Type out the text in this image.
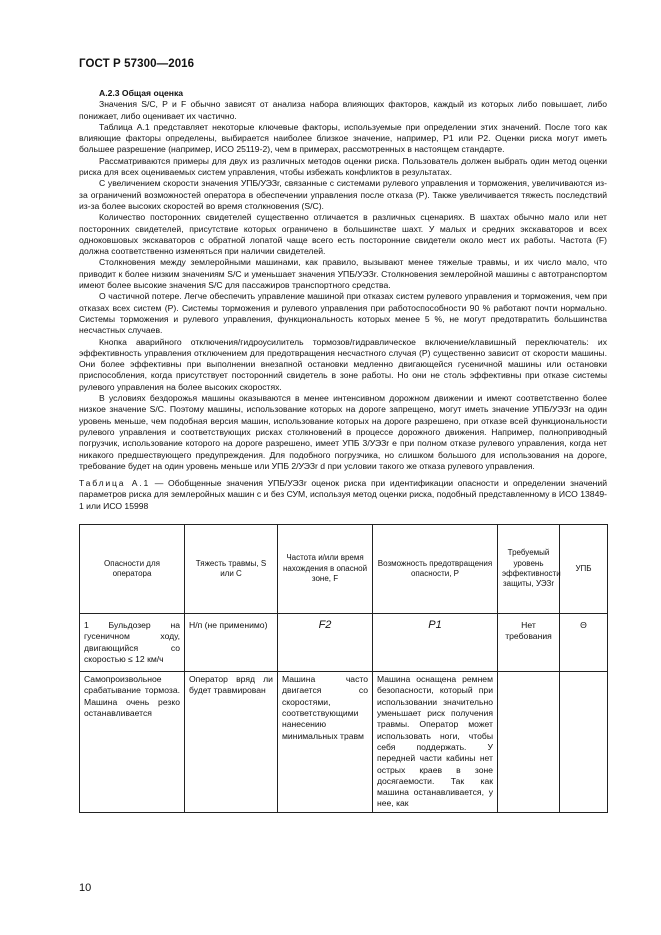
ГОСТ Р 57300—2016
А.2.3 Общая оценка

Значения S/C, P и F обычно зависят от анализа набора влияющих факторов, каждый из которых либо повышает, либо понижает, либо оценивает их частично.

Таблица А.1 представляет некоторые ключевые факторы, используемые при определении этих значений. После того как влияющие факторы определены, выбирается наиболее близкое значение, например, P1 или P2. Оценки риска могут иметь большее разрешение (например, ИСО 25119-2), чем в примерах, рассмотренных в настоящем стандарте.

Рассматриваются примеры для двух из различных методов оценки риска. Пользователь должен выбрать один метод оценки риска для всех оцениваемых систем управления, чтобы избежать конфликтов в результатах.

С увеличением скорости значения УПБ/УЭЗr, связанные с системами рулевого управления и торможения, увеличиваются из-за ограничений возможностей оператора в обеспечении управления после отказа (P). Также увеличивается тяжесть последствий из-за более высоких скоростей во время столкновения (S/C).

Количество посторонних свидетелей существенно отличается в различных сценариях. В шахтах обычно мало или нет посторонних свидетелей, присутствие которых ограничено в большинстве шахт. У малых и средних экскаваторов и всех одноковшовых экскаваторов с обратной лопатой чаще всего есть посторонние свидетели около мест их работы. Частота (F) должна соответственно изменяться при наличии свидетелей.

Столкновения между землеройными машинами, как правило, вызывают менее тяжелые травмы, и их число мало, что приводит к более низким значениям S/C и уменьшает значения УПБ/УЭЗr. Столкновения землеройной машины с автотранспортом имеют более высокие значения S/C для пассажиров транспортного средства.

О частичной потере. Легче обеспечить управление машиной при отказах систем рулевого управления и торможения, чем при отказах всех систем (P). Системы торможения и рулевого управления при работоспособности 90 % работают почти нормально. Системы торможения и рулевого управления, функциональность которых менее 5 %, не могут предотвратить большинства несчастных случаев.

Кнопка аварийного отключения/гидроусилитель тормозов/гидравлическое включение/клавишный переключатель: их эффективность управления отключением для предотвращения несчастного случая (P) существенно зависит от скорости машины. Они более эффективны при выполнении внезапной остановки медленно двигающейся гусеничной машины или остановки приспособления, когда присутствует посторонний свидетель в зоне работы. Но они не столь эффективны при отказе системы рулевого управления на более высоких скоростях.

В условиях бездорожья машины оказываются в менее интенсивном дорожном движении и имеют соответственно более низкое значение S/C. Поэтому машины, использование которых на дороге запрещено, могут иметь значение УПБ/УЭЗr на один уровень меньше, чем подобная версия машин, использование которых на дороге разрешено, при отказе всей функциональности рулевого управления и соответствующих рисках столкновений в процессе дорожного движения. Например, полноприводный погрузчик, использование которого на дороге разрешено, имеет УПБ 3/УЭЗr e при полном отказе рулевого управления, когда нет никакого предшествующего предупреждения. Для подобного погрузчика, но слишком большого для использования на дороге, требование будет на один уровень меньше или УПБ 2/УЭЗr d при условии такого же отказа рулевого управления.

Таблица А.1 — Обобщенные значения УПБ/УЭЗr оценок риска при идентификации опасности и определении значений параметров риска для землеройных машин с и без СУМ, используя метод оценки риска, подобный представленному в ИСО 13849-1 или ИСО 15998

Опасности для оператора	Тяжесть травмы, S или C	Частота и/или время нахождения в опасной зоне, F	Возможность предотвращения опасности, P	Требуемый уровень эффективности защиты, УЭЗr	УПБ
1 Бульдозер на гусеничном ходу, двигающийся со скоростью ≤ 12 км/ч	Н/п (не применимо)	F2	P1	Нет требования	Θ
Самопроизвольное срабатывание тормоза. Машина очень резко останавливается	Оператор вряд ли будет травмирован	Машина часто двигается со скоростями, соответствующими нанесению минимальных травм	Машина оснащена ремнем безопасности, который при использовании значительно уменьшает риск получения травмы. Оператор может использовать ноги, чтобы себя поддержать. У передней части кабины нет острых краев в зоне досягаемости. Так как машина останавливается, у нее, как		
10
